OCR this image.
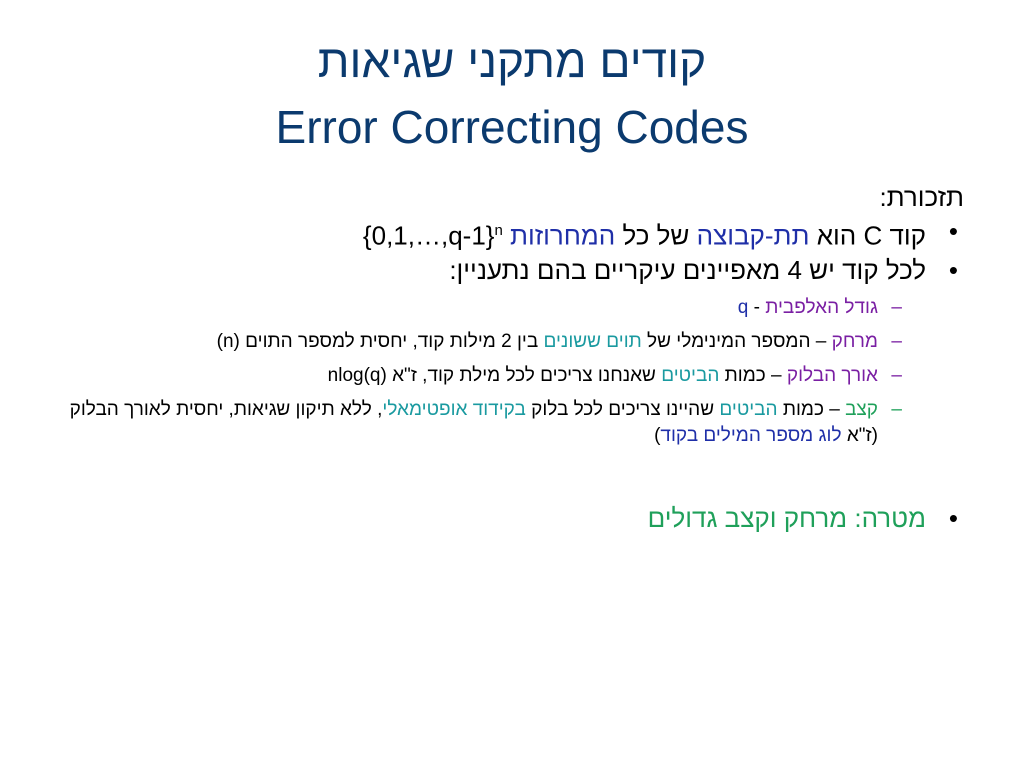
קודים מתקני שגיאות
Error Correcting Codes

תזכורת:

•
קוד C הוא תת-קבוצה של כל המחרוזות {0,1,…,q-1}$^n$

•
לכל קוד יש 4 מאפיינים עיקריים בהם נתעניין:

–
גודל האלפבית - q

–
מרחק – המספר המינימלי של תוים ששונים בין 2 מילות קוד, יחסית למספר התוים (n)

–
אורך הבלוק – כמות הביטים שאנחנו צריכים לכל מילת קוד, ז"א nlog(q)

–
קצב – כמות הביטים שהיינו צריכים לכל בלוק בקידוד אופטימאלי, ללא תיקון שגיאות, יחסית לאורך הבלוק (ז"א לוג מספר המילים בקוד)

•
מטרה: מרחק וקצב גדולים
